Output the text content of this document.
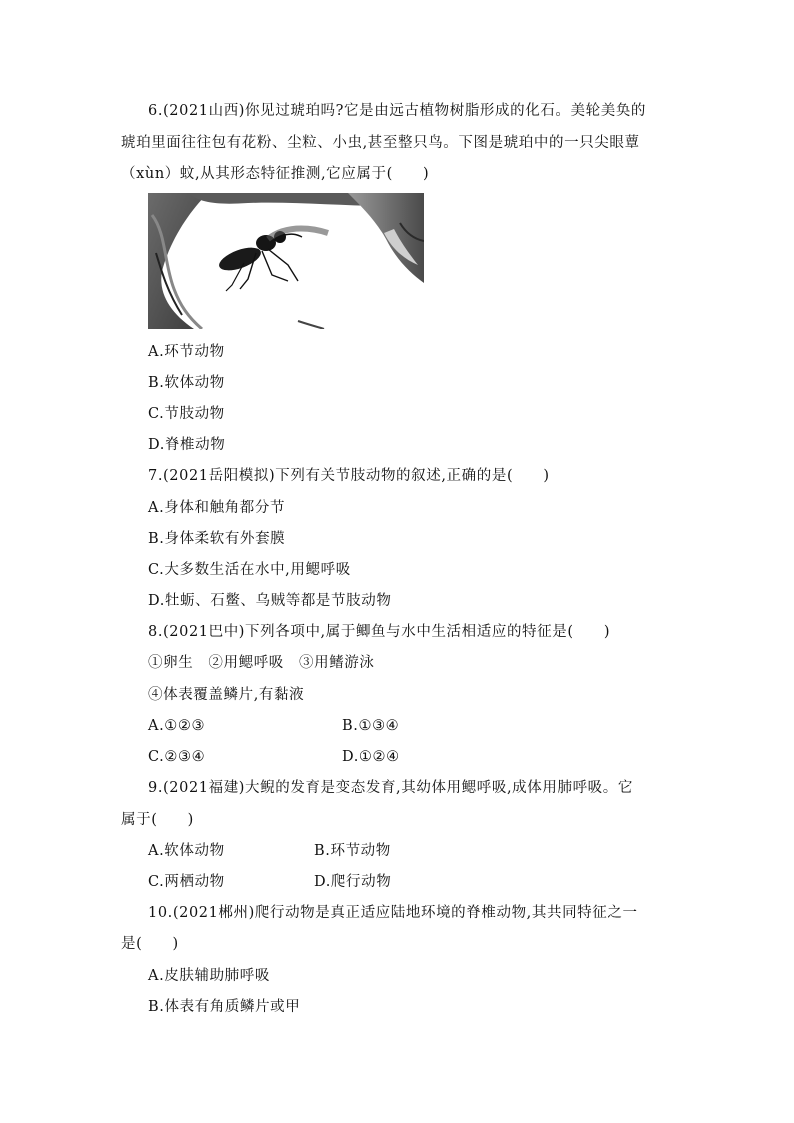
6.(2021山西)你见过琥珀吗?它是由远古植物树脂形成的化石。美轮美奂的
琥珀里面往往包有花粉、尘粒、小虫,甚至整只鸟。下图是琥珀中的一只尖眼蕈
（xùn）蚊,从其形态特征推测,它应属于(　　)
A.环节动物
B.软体动物
C.节肢动物
D.脊椎动物
7.(2021岳阳模拟)下列有关节肢动物的叙述,正确的是(　　)
A.身体和触角都分节
B.身体柔软有外套膜
C.大多数生活在水中,用鳃呼吸
D.牡蛎、石鳖、乌贼等都是节肢动物
8.(2021巴中)下列各项中,属于鲫鱼与水中生活相适应的特征是(　　)
①卵生　②用鳃呼吸　③用鳍游泳
④体表覆盖鳞片,有黏液
A.①②③	B.①③④
C.②③④	D.①②④
9.(2021福建)大鲵的发育是变态发育,其幼体用鳃呼吸,成体用肺呼吸。它
属于(　　)
A.软体动物	B.环节动物
C.两栖动物	D.爬行动物
10.(2021郴州)爬行动物是真正适应陆地环境的脊椎动物,其共同特征之一
是(　　)
A.皮肤辅助肺呼吸
B.体表有角质鳞片或甲
